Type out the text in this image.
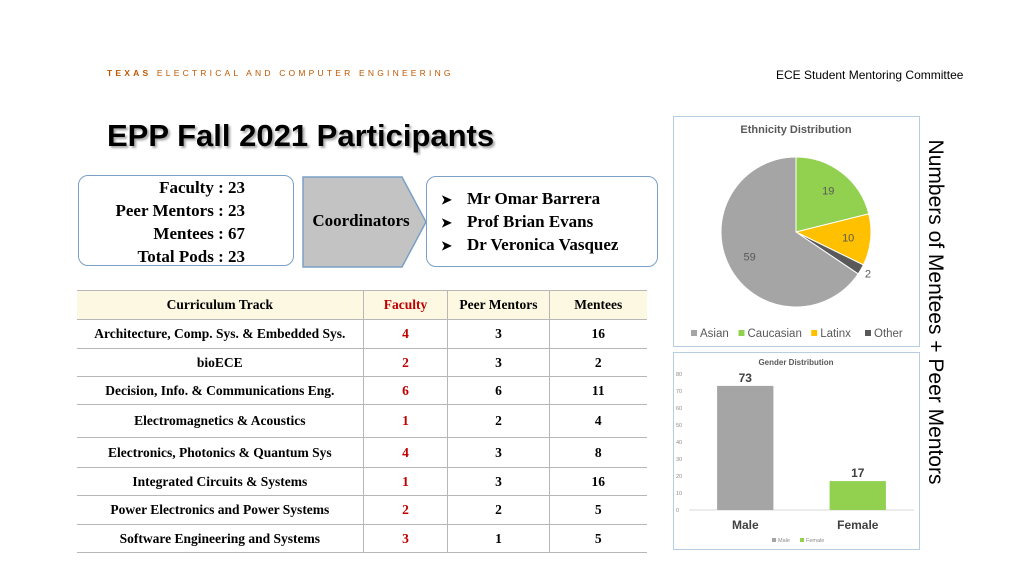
TEXAS ELECTRICAL AND COMPUTER ENGINEERING	ECE Student Mentoring Committee
EPP Fall 2021 Participants
Faculty : 23
Peer Mentors : 23
Mentees : 67
Total Pods : 23
Coordinators
➤ Mr Omar Barrera
➤ Prof Brian Evans
➤ Dr Veronica Vasquez
Curriculum Track	Faculty	Peer Mentors	Mentees
Architecture, Comp. Sys. & Embedded Sys.	4	3	16
bioECE	2	3	2
Decision, Info. & Communications Eng.	6	6	11
Electromagnetics & Acoustics	1	2	4
Electronics, Photonics & Quantum Sys	4	3	8
Integrated Circuits & Systems	1	3	16
Power Electronics and Power Systems	2	2	5
Software Engineering and Systems	3	1	5
Ethnicity Distribution
19
10
2
59
Asian Caucasian Latinx Other
Gender Distribution
0
10
20
30
40
50
60
70
80	73
Male
17
Female
Male	Female
Numbers of Mentees + Peer Mentors
